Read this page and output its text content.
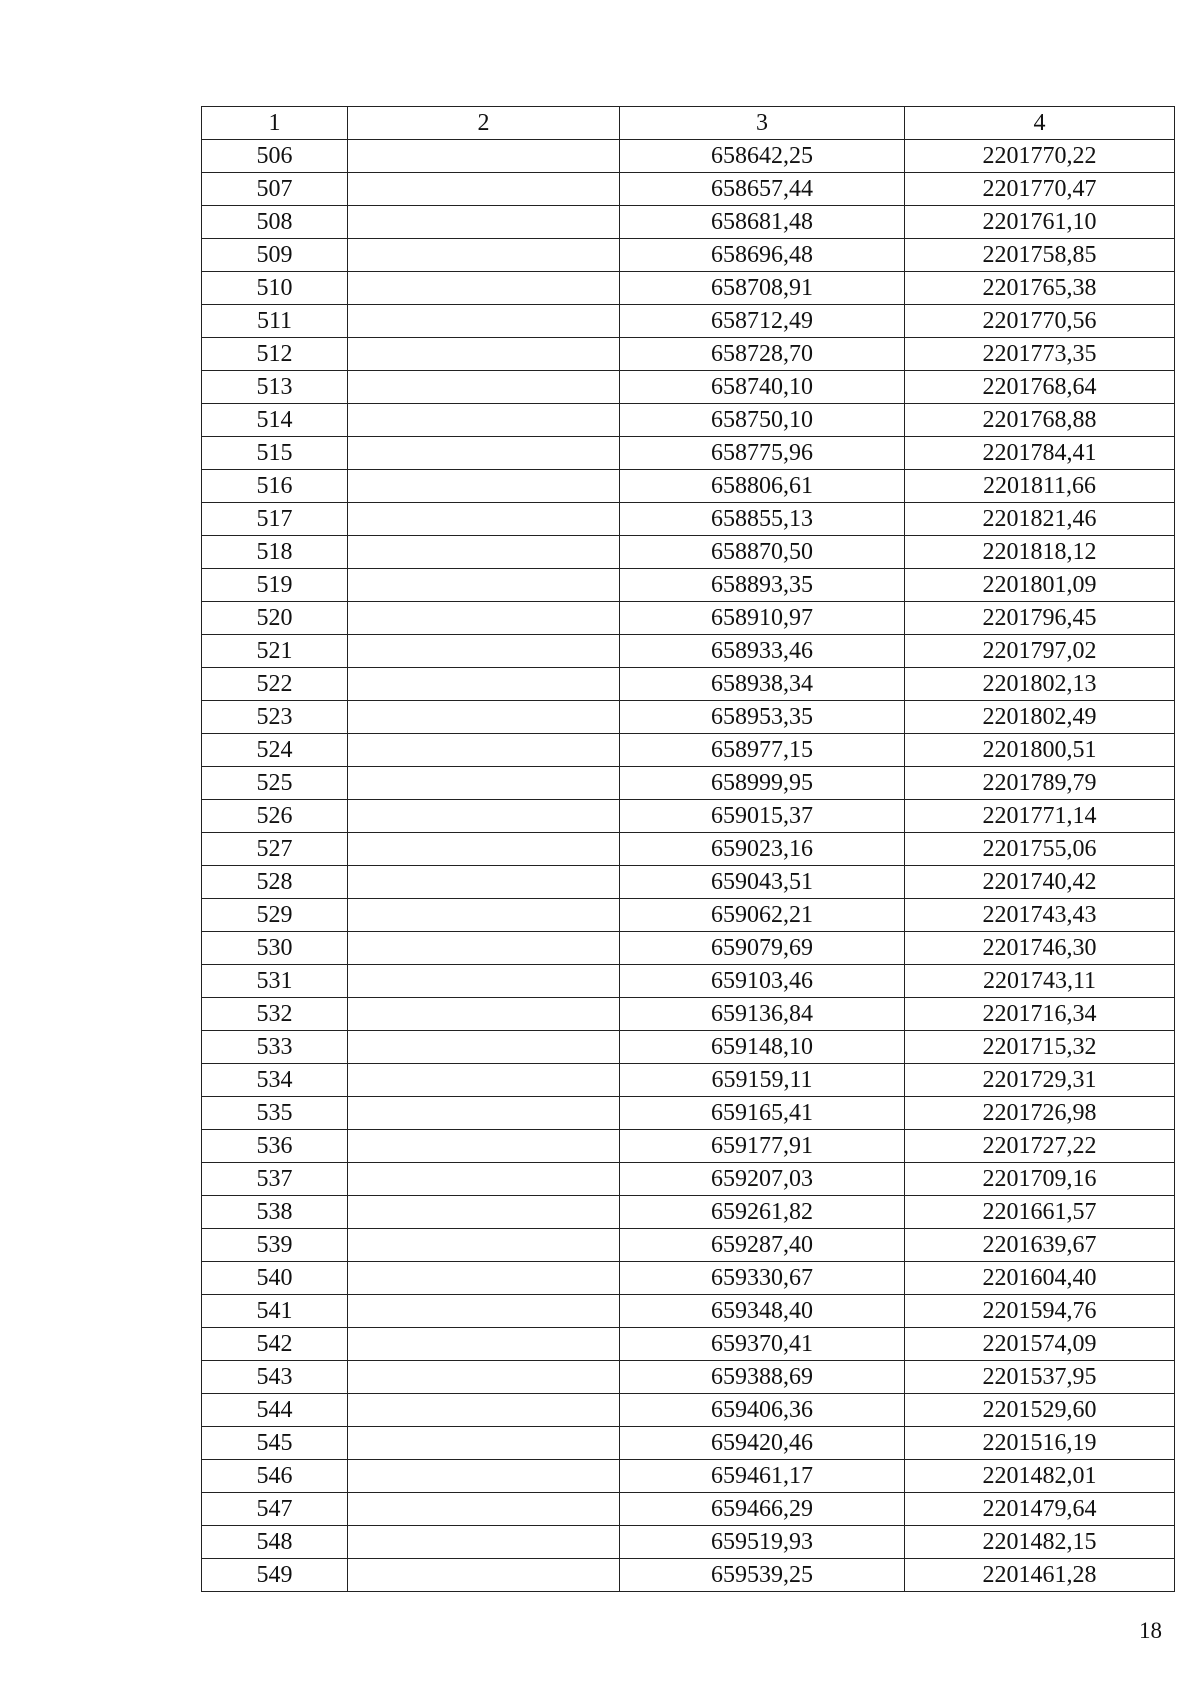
1	2	3	4
506		658642,25	2201770,22
507		658657,44	2201770,47
508		658681,48	2201761,10
509		658696,48	2201758,85
510		658708,91	2201765,38
511		658712,49	2201770,56
512		658728,70	2201773,35
513		658740,10	2201768,64
514		658750,10	2201768,88
515		658775,96	2201784,41
516		658806,61	2201811,66
517		658855,13	2201821,46
518		658870,50	2201818,12
519		658893,35	2201801,09
520		658910,97	2201796,45
521		658933,46	2201797,02
522		658938,34	2201802,13
523		658953,35	2201802,49
524		658977,15	2201800,51
525		658999,95	2201789,79
526		659015,37	2201771,14
527		659023,16	2201755,06
528		659043,51	2201740,42
529		659062,21	2201743,43
530		659079,69	2201746,30
531		659103,46	2201743,11
532		659136,84	2201716,34
533		659148,10	2201715,32
534		659159,11	2201729,31
535		659165,41	2201726,98
536		659177,91	2201727,22
537		659207,03	2201709,16
538		659261,82	2201661,57
539		659287,40	2201639,67
540		659330,67	2201604,40
541		659348,40	2201594,76
542		659370,41	2201574,09
543		659388,69	2201537,95
544		659406,36	2201529,60
545		659420,46	2201516,19
546		659461,17	2201482,01
547		659466,29	2201479,64
548		659519,93	2201482,15
549		659539,25	2201461,28
18
